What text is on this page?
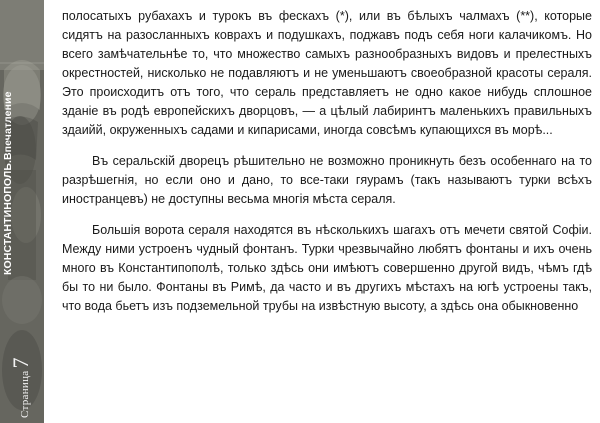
КОНСТАНТИНОПОЛЬ.Впечатление
Страница7

полосатыхъ рубахахъ и турокъ въ фескахъ (*), или въ бѣлыхъ чалмахъ (**), которые сидятъ на разосланныхъ коврахъ и подушкахъ, поджавъ подъ себя ноги калачикомъ. Но всего замѣчательнѣе то, что множество самыхъ разнообразныхъ видовъ и прелестныхъ окрестностей, нисколько не подавляютъ и не уменьшаютъ своеобразной красоты сераля. Это происходитъ отъ того, что сераль представляетъ не одно какое нибудь сплошное зданіе въ родѣ европейскихъ дворцовъ, — а цѣлый лабиринтъ маленькихъ правильныхъ здаийй, окруженныхъ садами и кипарисами, иногда совсѣмъ купающихся въ морѣ...

Въ серальскій дворецъ рѣшительно не возможно проникнуть безъ особеннаго на то разрѣшегнія, но если оно и дано, то все-таки гяурамъ (такъ называютъ турки всѣхъ иностранцевъ) не доступны весьма многія мѣста сераля.

Большія ворота сераля находятся въ нѣсколькихъ шагахъ отъ мечети святой Софіи. Между ними устроенъ чудный фонтанъ. Турки чрезвычайно любятъ фонтаны и ихъ очень много въ Константипополѣ, только здѣсь они имѣютъ совершенно другой видъ, чѣмъ гдѣ бы то ни было. Фонтаны въ Римѣ, да часто и въ другихъ мѣстахъ на югѣ устроены такъ, что вода бьетъ изъ подземельной трубы на извѣстную высоту, а здѣсь она обыкновенно
